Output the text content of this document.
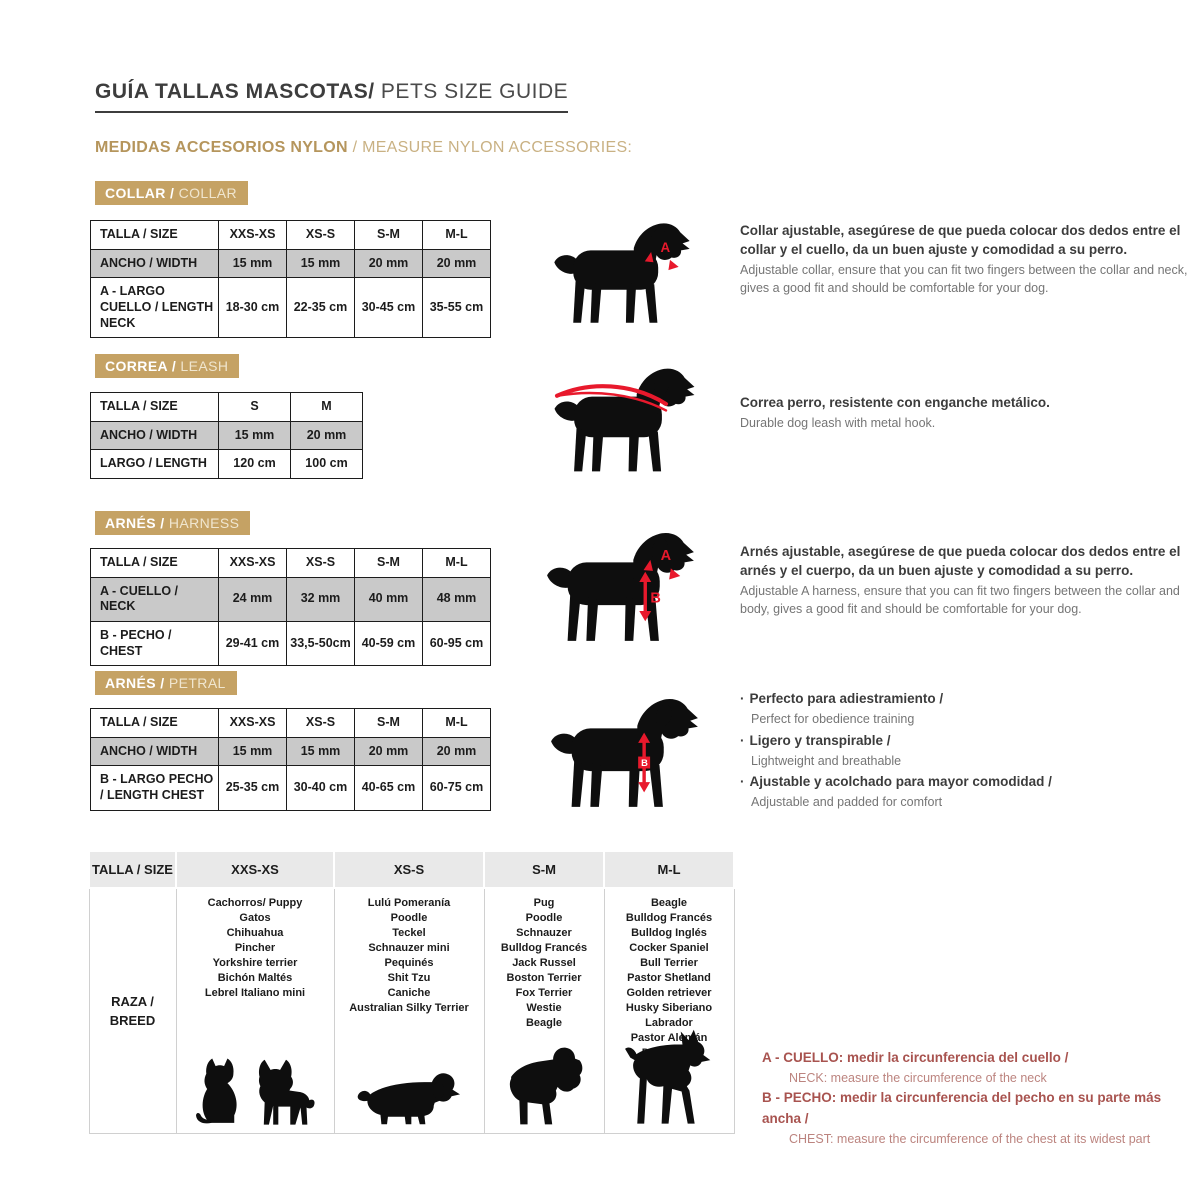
GUÍA TALLAS MASCOTAS/ PETS SIZE GUIDE
MEDIDAS ACCESORIOS NYLON / MEASURE NYLON ACCESSORIES:
COLLAR / COLLAR
TALLA / SIZE	XXS-XS	XS-S	S-M	M-L
ANCHO / WIDTH	15 mm	15 mm	20 mm	20 mm
A - LARGO CUELLO / LENGTH NECK	18-30 cm	22-35 cm	30-45 cm	35-55 cm
A
Collar ajustable, asegúrese de que pueda colocar dos dedos entre el collar y el cuello, da un buen ajuste y comodidad a su perro.
Adjustable collar, ensure that you can fit two fingers between the collar and neck, gives a good fit and should be comfortable for your dog.
CORREA / LEASH
TALLA / SIZE	S	M
ANCHO / WIDTH	15 mm	20 mm
LARGO / LENGTH	120 cm	100 cm
Correa perro, resistente con enganche metálico.
Durable dog leash with metal hook.
ARNÉS / HARNESS
TALLA / SIZE	XXS-XS	XS-S	S-M	M-L
A - CUELLO / NECK	24 mm	32 mm	40 mm	48 mm
B - PECHO / CHEST	29-41 cm	33,5-50cm	40-59 cm	60-95 cm
A
B
Arnés ajustable, asegúrese de que pueda colocar dos dedos entre el arnés y el cuerpo, da un buen ajuste y comodidad a su perro.
Adjustable A harness, ensure that you can fit two fingers between the collar and body, gives a good fit and should be comfortable for your dog.
ARNÉS / PETRAL
TALLA / SIZE	XXS-XS	XS-S	S-M	M-L
ANCHO / WIDTH	15 mm	15 mm	20 mm	20 mm
B - LARGO PECHO / LENGTH CHEST	25-35 cm	30-40 cm	40-65 cm	60-75 cm
B
· Perfecto para adiestramiento /
Perfect for obedience training
· Ligero y transpirable /
Lightweight and breathable
· Ajustable y acolchado para mayor comodidad /
Adjustable and padded for comfort
TALLA / SIZE	XXS-XS	XS-S	S-M	M-L
RAZA / BREED	
Cachorros/ Puppy
Gatos
Chihuahua
Pincher
Yorkshire terrier
Bichón Maltés
Lebrel Italiano mini

Lulú Pomeranía
Poodle
Teckel
Schnauzer mini
Pequinés
Shit Tzu
Caniche
Australian Silky Terrier

Pug
Poodle
Schnauzer
Bulldog Francés
Jack Russel
Boston Terrier
Fox Terrier
Westie
Beagle

Beagle
Bulldog Francés
Bulldog Inglés
Cocker Spaniel
Bull Terrier
Pastor Shetland
Golden retriever
Husky Siberiano
Labrador
Pastor Alemán
A - CUELLO: medir la circunferencia del cuello /
NECK: measure the circumference of the neck
B - PECHO: medir la circunferencia del pecho en su parte más ancha /
CHEST: measure the circumference of the chest at its widest part
